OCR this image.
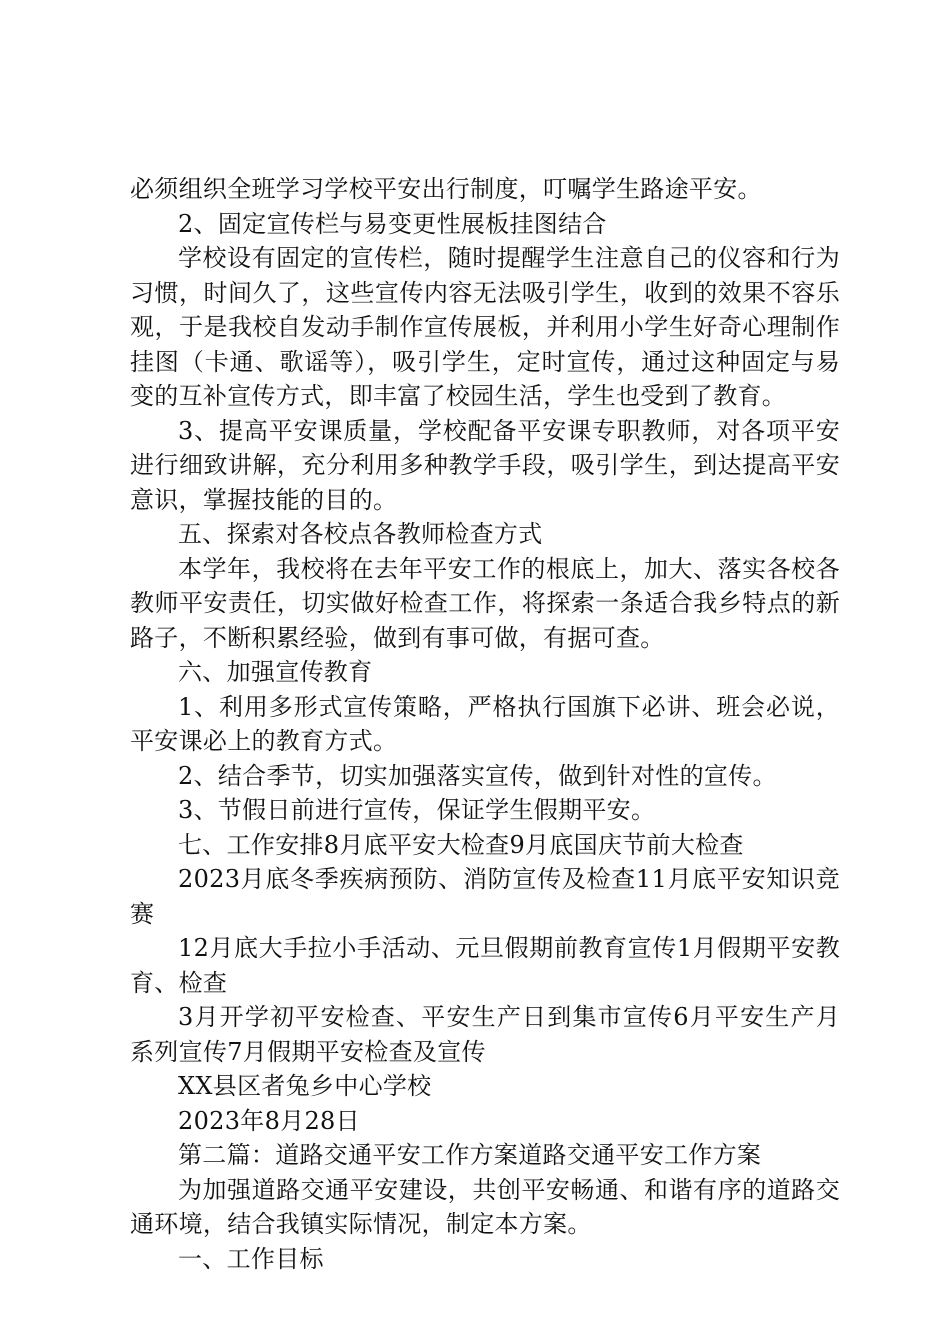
必须组织全班学习学校平安出行制度，叮嘱学生路途平安。

2、固定宣传栏与易变更性展板挂图结合

学校设有固定的宣传栏，随时提醒学生注意自己的仪容和行为习惯，时间久了，这些宣传内容无法吸引学生，收到的效果不容乐观，于是我校自发动手制作宣传展板，并利用小学生好奇心理制作挂图（卡通、歌谣等），吸引学生，定时宣传，通过这种固定与易变的互补宣传方式，即丰富了校园生活，学生也受到了教育。

3、提高平安课质量，学校配备平安课专职教师，对各项平安进行细致讲解，充分利用多种教学手段，吸引学生，到达提高平安意识，掌握技能的目的。

五、探索对各校点各教师检查方式

本学年，我校将在去年平安工作的根底上，加大、落实各校各教师平安责任，切实做好检查工作，将探索一条适合我乡特点的新路子，不断积累经验，做到有事可做，有据可查。

六、加强宣传教育

1、利用多形式宣传策略，严格执行国旗下必讲、班会必说，平安课必上的教育方式。

2、结合季节，切实加强落实宣传，做到针对性的宣传。

3、节假日前进行宣传，保证学生假期平安。

七、工作安排8月底平安大检查9月底国庆节前大检查

2023月底冬季疾病预防、消防宣传及检查11月底平安知识竞赛

12月底大手拉小手活动、元旦假期前教育宣传1月假期平安教育、检查

3月开学初平安检查、平安生产日到集市宣传6月平安生产月系列宣传7月假期平安检查及宣传

XX县区者兔乡中心学校

2023年8月28日

第二篇：道路交通平安工作方案道路交通平安工作方案

为加强道路交通平安建设，共创平安畅通、和谐有序的道路交通环境，结合我镇实际情况，制定本方案。

一、工作目标
